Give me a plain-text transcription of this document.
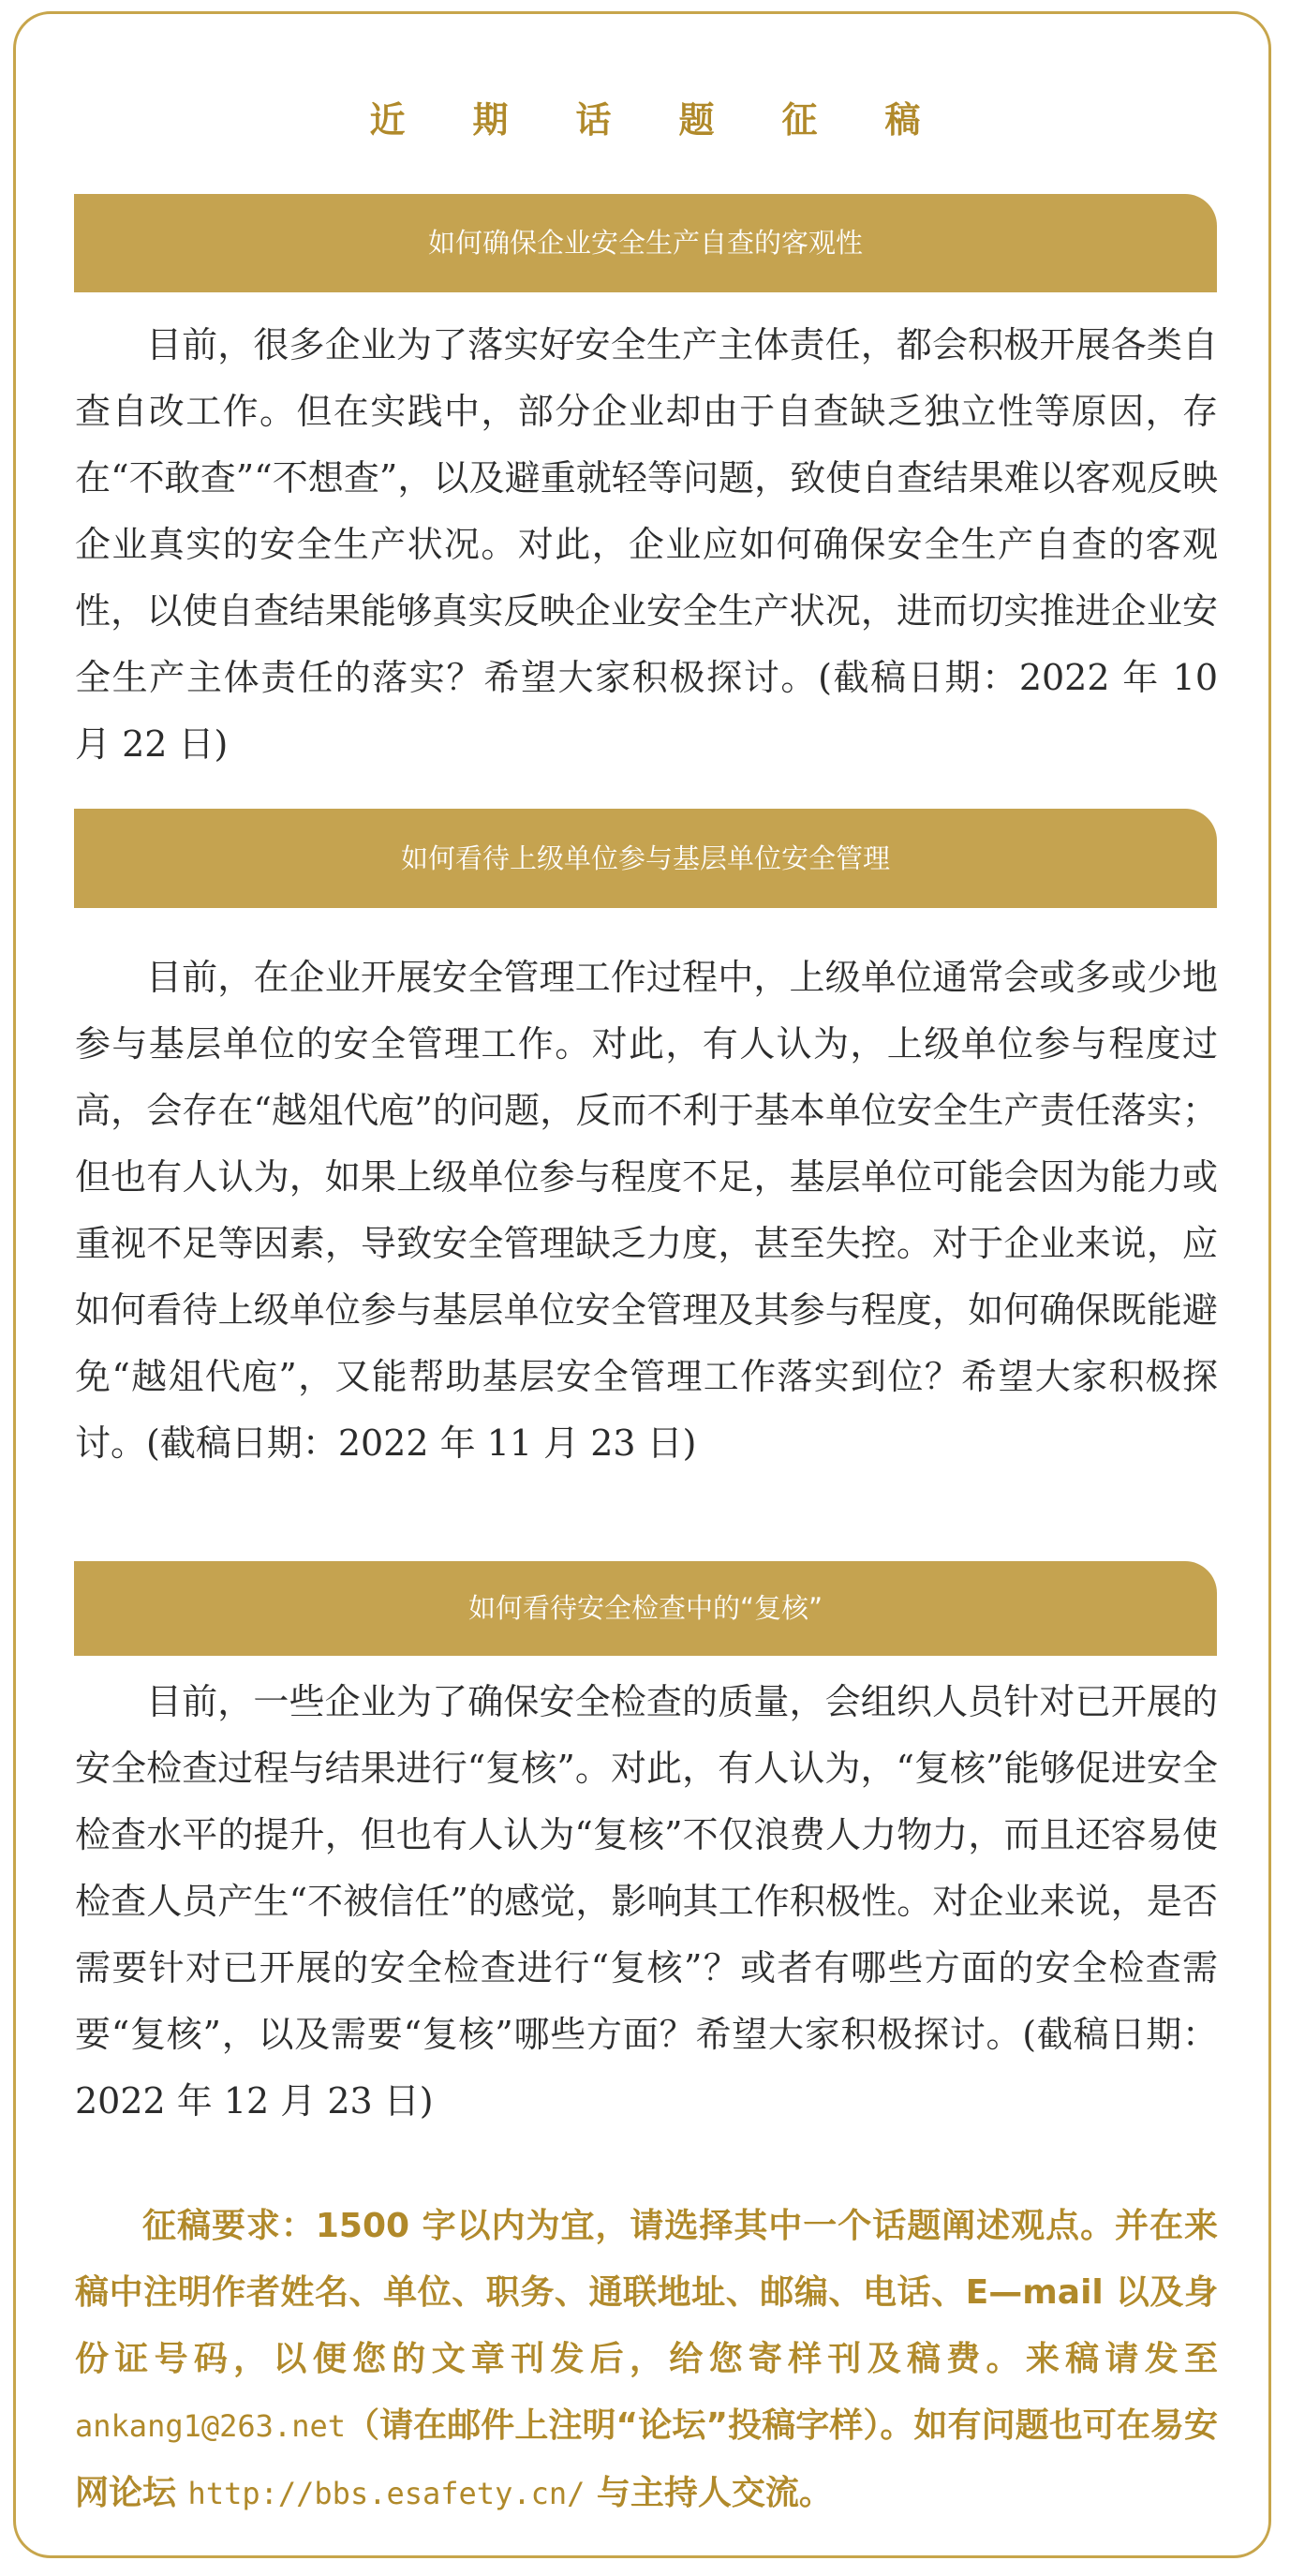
近期话题征稿
如何确保企业安全生产自查的客观性

目前，很多企业为了落实好安全生产主体责任，都会积极开展各类自查自改工作。但在实践中，部分企业却由于自查缺乏独立性等原因，存在“不敢查”“不想查”，以及避重就轻等问题，致使自查结果难以客观反映企业真实的安全生产状况。对此，企业应如何确保安全生产自查的客观性，以使自查结果能够真实反映企业安全生产状况，进而切实推进企业安全生产主体责任的落实？希望大家积极探讨。(截稿日期：2022 年 10 月 22 日)

如何看待上级单位参与基层单位安全管理

目前，在企业开展安全管理工作过程中，上级单位通常会或多或少地参与基层单位的安全管理工作。对此，有人认为，上级单位参与程度过高，会存在“越俎代庖”的问题，反而不利于基本单位安全生产责任落实；但也有人认为，如果上级单位参与程度不足，基层单位可能会因为能力或重视不足等因素，导致安全管理缺乏力度，甚至失控。对于企业来说，应如何看待上级单位参与基层单位安全管理及其参与程度，如何确保既能避免“越俎代庖”，又能帮助基层安全管理工作落实到位？希望大家积极探讨。(截稿日期：2022 年 11 月 23 日)

如何看待安全检查中的“复核”

目前，一些企业为了确保安全检查的质量，会组织人员针对已开展的安全检查过程与结果进行“复核”。对此，有人认为，“复核”能够促进安全检查水平的提升，但也有人认为“复核”不仅浪费人力物力，而且还容易使检查人员产生“不被信任”的感觉，影响其工作积极性。对企业来说，是否需要针对已开展的安全检查进行“复核”？或者有哪些方面的安全检查需要“复核”，以及需要“复核”哪些方面？希望大家积极探讨。(截稿日期：2022 年 12 月 23 日)

征稿要求：1500 字以内为宜，请选择其中一个话题阐述观点。并在来稿中注明作者姓名、单位、职务、通联地址、邮编、电话、E—mail 以及身份证号码，以便您的文章刊发后，给您寄样刊及稿费。来稿请发至 ankang1@263.net（请在邮件上注明“论坛”投稿字样）。如有问题也可在易安网论坛 http://bbs.esafety.cn/ 与主持人交流。
